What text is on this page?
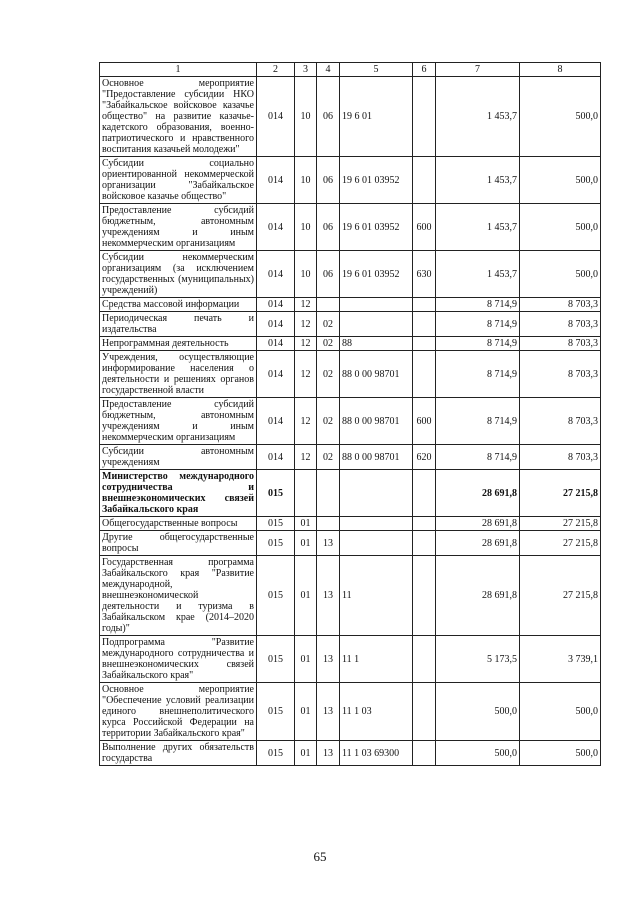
1	2	3	4	5	6	7	8
Основное мероприятие "Предоставление субсидии НКО "Забайкальское войсковое казачье общество" на развитие казачье-кадетского образования, военно-патриотического и нравственного воспитания казачьей молодежи"	014	10	06	19 6 01		1 453,7	500,0
Субсидии социально ориентированной некоммерческой организации "Забайкальское войсковое казачье общество"	014	10	06	19 6 01 03952		1 453,7	500,0
Предоставление субсидий бюджетным, автономным учреждениям и иным некоммерческим организациям	014	10	06	19 6 01 03952	600	1 453,7	500,0
Субсидии некоммерческим организациям (за исключением государственных (муниципальных) учреждений)	014	10	06	19 6 01 03952	630	1 453,7	500,0
Средства массовой информации	014	12				8 714,9	8 703,3
Периодическая печать и издательства	014	12	02			8 714,9	8 703,3
Непрограммная деятельность	014	12	02	88		8 714,9	8 703,3
Учреждения, осуществляющие информирование населения о деятельности и решениях органов государственной власти	014	12	02	88 0 00 98701		8 714,9	8 703,3
Предоставление субсидий бюджетным, автономным учреждениям и иным некоммерческим организациям	014	12	02	88 0 00 98701	600	8 714,9	8 703,3
Субсидии автономным учреждениям	014	12	02	88 0 00 98701	620	8 714,9	8 703,3
Министерство международного сотрудничества и внешнеэкономических связей Забайкальского края	015					28 691,8	27 215,8
Общегосударственные вопросы	015	01				28 691,8	27 215,8
Другие общегосударственные вопросы	015	01	13			28 691,8	27 215,8
Государственная программа Забайкальского края "Развитие международной, внешнеэкономической деятельности и туризма в Забайкальском крае (2014–2020 годы)"	015	01	13	11		28 691,8	27 215,8
Подпрограмма "Развитие международного сотрудничества и внешнеэкономических связей Забайкальского края"	015	01	13	11 1		5 173,5	3 739,1
Основное мероприятие "Обеспечение условий реализации единого внешнеполитического курса Российской Федерации на территории Забайкальского края"	015	01	13	11 1 03		500,0	500,0
Выполнение других обязательств государства	015	01	13	11 1 03 69300		500,0	500,0
65
